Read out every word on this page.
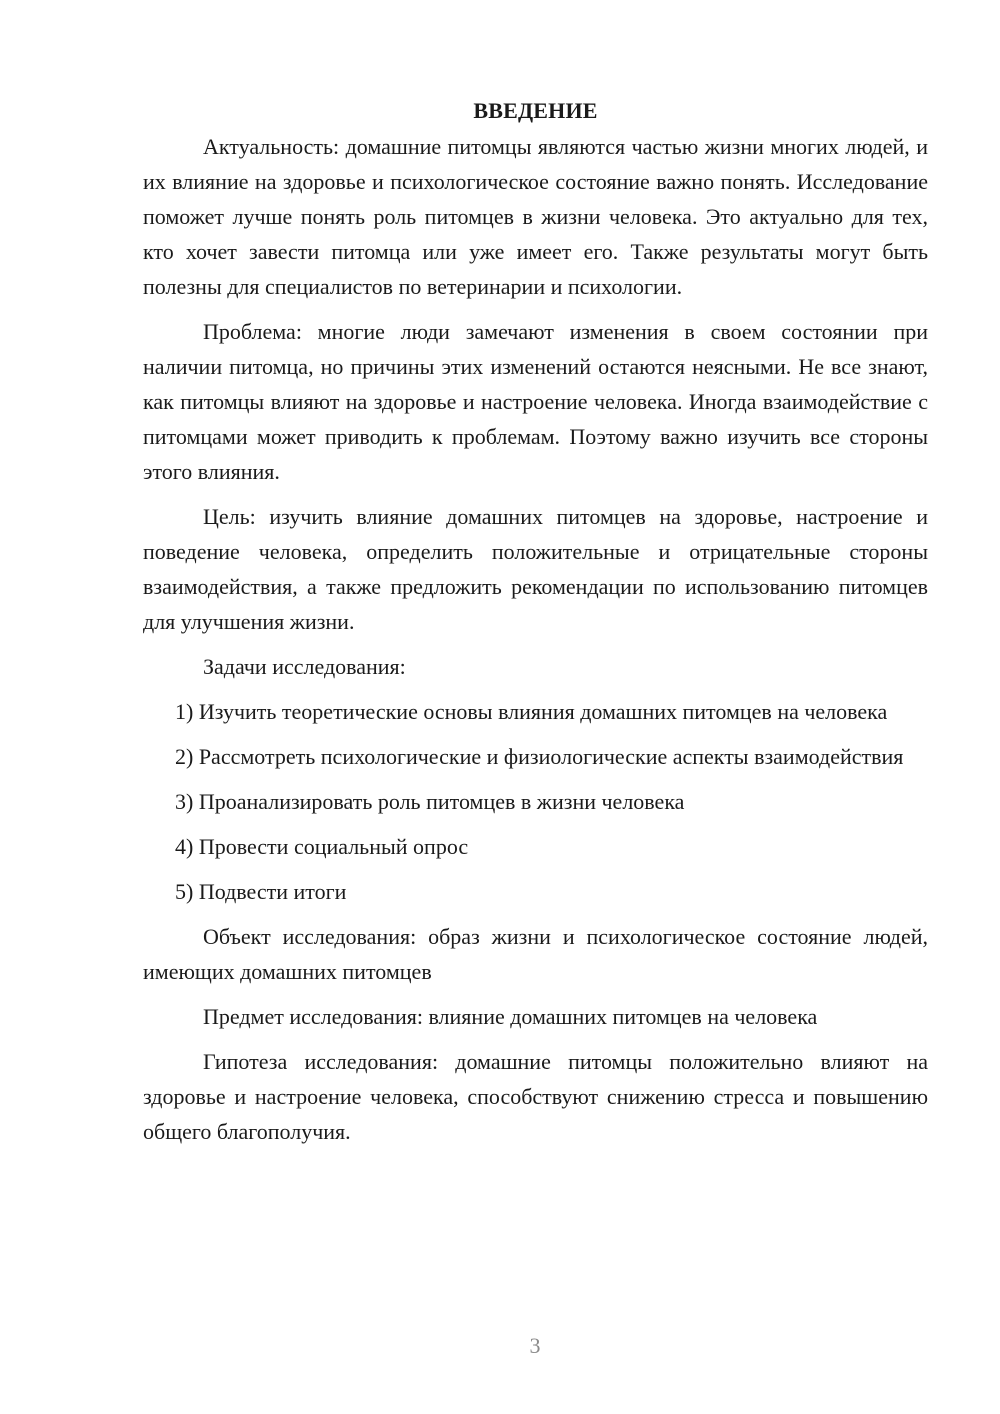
ВВЕДЕНИЕ

Актуальность: домашние питомцы являются частью жизни многих людей, и их влияние на здоровье и психологическое состояние важно понять. Исследование поможет лучше понять роль питомцев в жизни человека. Это актуально для тех, кто хочет завести питомца или уже имеет его. Также результаты могут быть полезны для специалистов по ветеринарии и психологии.

Проблема: многие люди замечают изменения в своем состоянии при наличии питомца, но причины этих изменений остаются неясными. Не все знают, как питомцы влияют на здоровье и настроение человека. Иногда взаимодействие с питомцами может приводить к проблемам. Поэтому важно изучить все стороны этого влияния.

Цель: изучить влияние домашних питомцев на здоровье, настроение и поведение человека, определить положительные и отрицательные стороны взаимодействия, а также предложить рекомендации по использованию питомцев для улучшения жизни.

Задачи исследования:

1) Изучить теоретические основы влияния домашних питомцев на человека

2) Рассмотреть психологические и физиологические аспекты взаимодействия

3) Проанализировать роль питомцев в жизни человека

4) Провести социальный опрос

5) Подвести итоги

Объект исследования: образ жизни и психологическое состояние людей, имеющих домашних питомцев

Предмет исследования: влияние домашних питомцев на человека

Гипотеза исследования: домашние питомцы положительно влияют на здоровье и настроение человека, способствуют снижению стресса и повышению общего благополучия.

3
